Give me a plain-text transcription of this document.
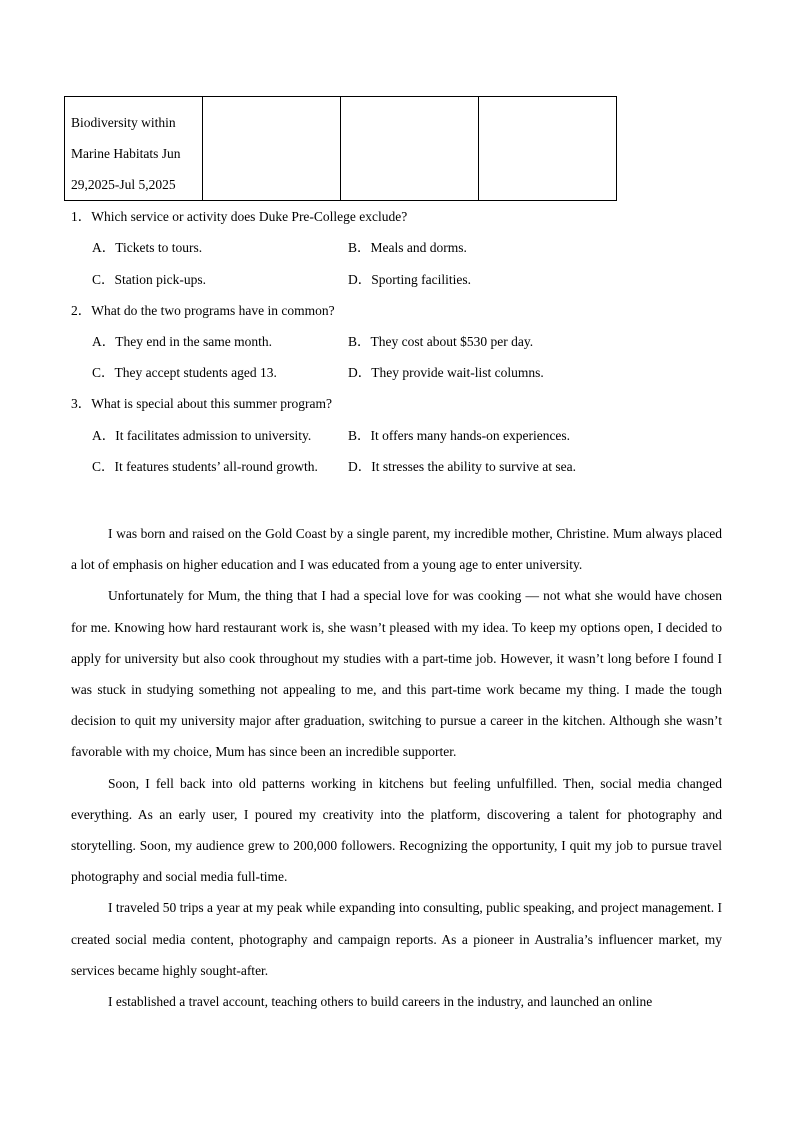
Biodiversity within
Marine Habitats Jun
29,2025-Jul 5,2025

1．Which service or activity does Duke Pre-College exclude?
A．Tickets to tours.	B．Meals and dorms.
C．Station pick-ups.	D．Sporting facilities.
2．What do the two programs have in common?
A．They end in the same month.	B．They cost about $530 per day.
C．They accept students aged 13.	D．They provide wait-list columns.
3．What is special about this summer program?
A．It facilitates admission to university.	B．It offers many hands-on experiences.
C．It features students’ all-round growth. D．It stresses the ability to survive at sea.

I was born and raised on the Gold Coast by a single parent, my incredible mother, Christine. Mum always placed a lot of emphasis on higher education and I was educated from a young age to enter university.

Unfortunately for Mum, the thing that I had a special love for was cooking — not what she would have chosen for me. Knowing how hard restaurant work is, she wasn’t pleased with my idea. To keep my options open, I decided to apply for university but also cook throughout my studies with a part-time job. However, it wasn’t long before I found I was stuck in studying something not appealing to me, and this part-time work became my thing. I made the tough decision to quit my university major after graduation, switching to pursue a career in the kitchen. Although she wasn’t favorable with my choice, Mum has since been an incredible supporter.

Soon, I fell back into old patterns working in kitchens but feeling unfulfilled. Then, social media changed everything. As an early user, I poured my creativity into the platform, discovering a talent for photography and storytelling. Soon, my audience grew to 200,000 followers. Recognizing the opportunity, I quit my job to pursue travel photography and social media full-time.

I traveled 50 trips a year at my peak while expanding into consulting, public speaking, and project management. I created social media content, photography and campaign reports. As a pioneer in Australia’s influencer market, my services became highly sought-after.

I established a travel account, teaching others to build careers in the industry, and launched an online
